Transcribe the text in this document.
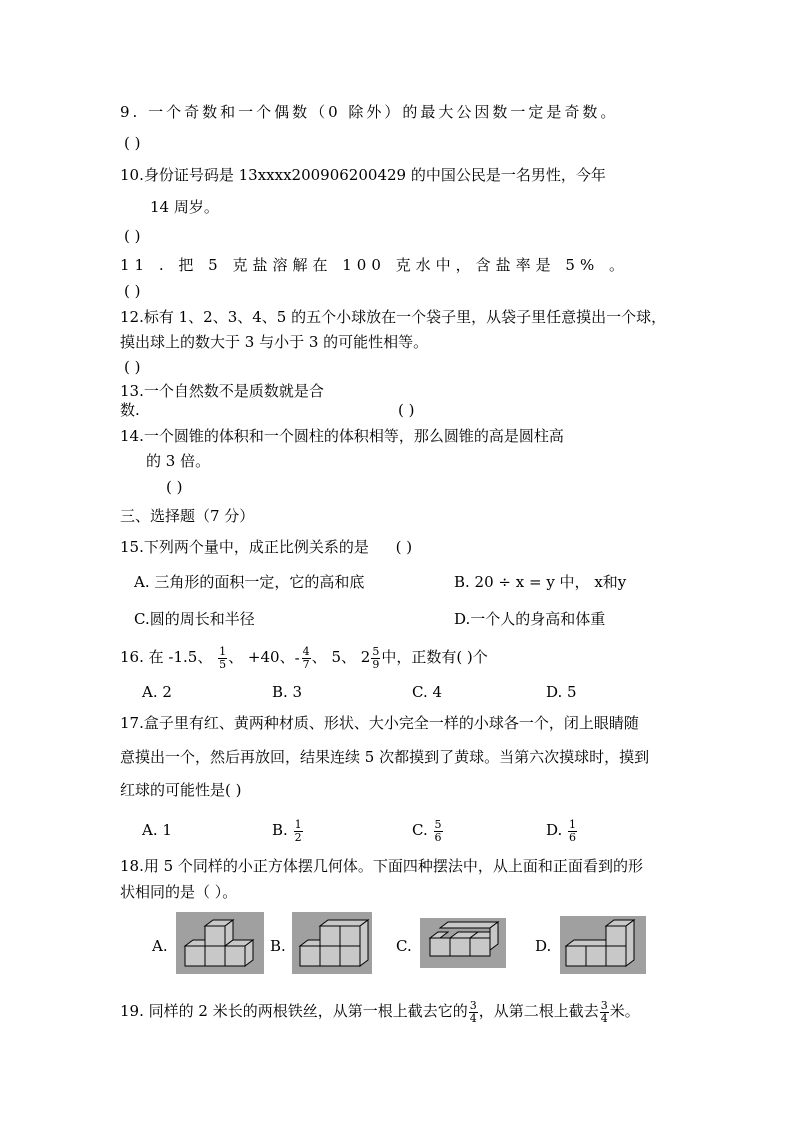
9. 一个奇数和一个偶数（0 除外）的最大公因数一定是奇数。
( )
10.身份证号码是 13xxxx200906200429 的中国公民是一名男性，今年
14 周岁。
( )
11 . 把 5 克盐溶解在 100 克水中，含盐率是 5% 。
( )
12.标有 1、2、3、4、5 的五个小球放在一个袋子里，从袋子里任意摸出一个球，
摸出球上的数大于 3 与小于 3 的可能性相等。
( )
13.一个自然数不是质数就是合
数.	( )
14.一个圆锥的体积和一个圆柱的体积相等，那么圆锥的高是圆柱高
的 3 倍。
( )
三、选择题（7 分）
15.下列两个量中，成正比例关系的是 ( )
A. 三角形的面积一定，它的高和底	B. 20 ÷ x = y 中， x和y
C.圆的周长和半径	D.一个人的身高和体重
16. 在 -1.5、 $\frac{1}{5}$ 、 +40、- $\frac{4}{7}$ 、 5、 $2 \frac{5}{9}$ 中，正数有( )个
A. 2	B. 3	C. 4	D. 5
17.盒子里有红、黄两种材质、形状、大小完全一样的小球各一个，闭上眼睛随
意摸出一个，然后再放回，结果连续 5 次都摸到了黄球。当第六次摸球时，摸到
红球的可能性是( )
A. 1	B. $\frac{1}{2}$	C. $\frac{5}{6}$	D. $\frac{1}{6}$
18.用 5 个同样的小正方体摆几何体。下面四种摆法中，从上面和正面看到的形
状相同的是（ ）。
A.	B.	C.	D.
19. 同样的 2 米长的两根铁丝，从第一根上截去它的 $\frac{3}{4}$ ，从第二根上截去 $\frac{3}{4}$ 米。
